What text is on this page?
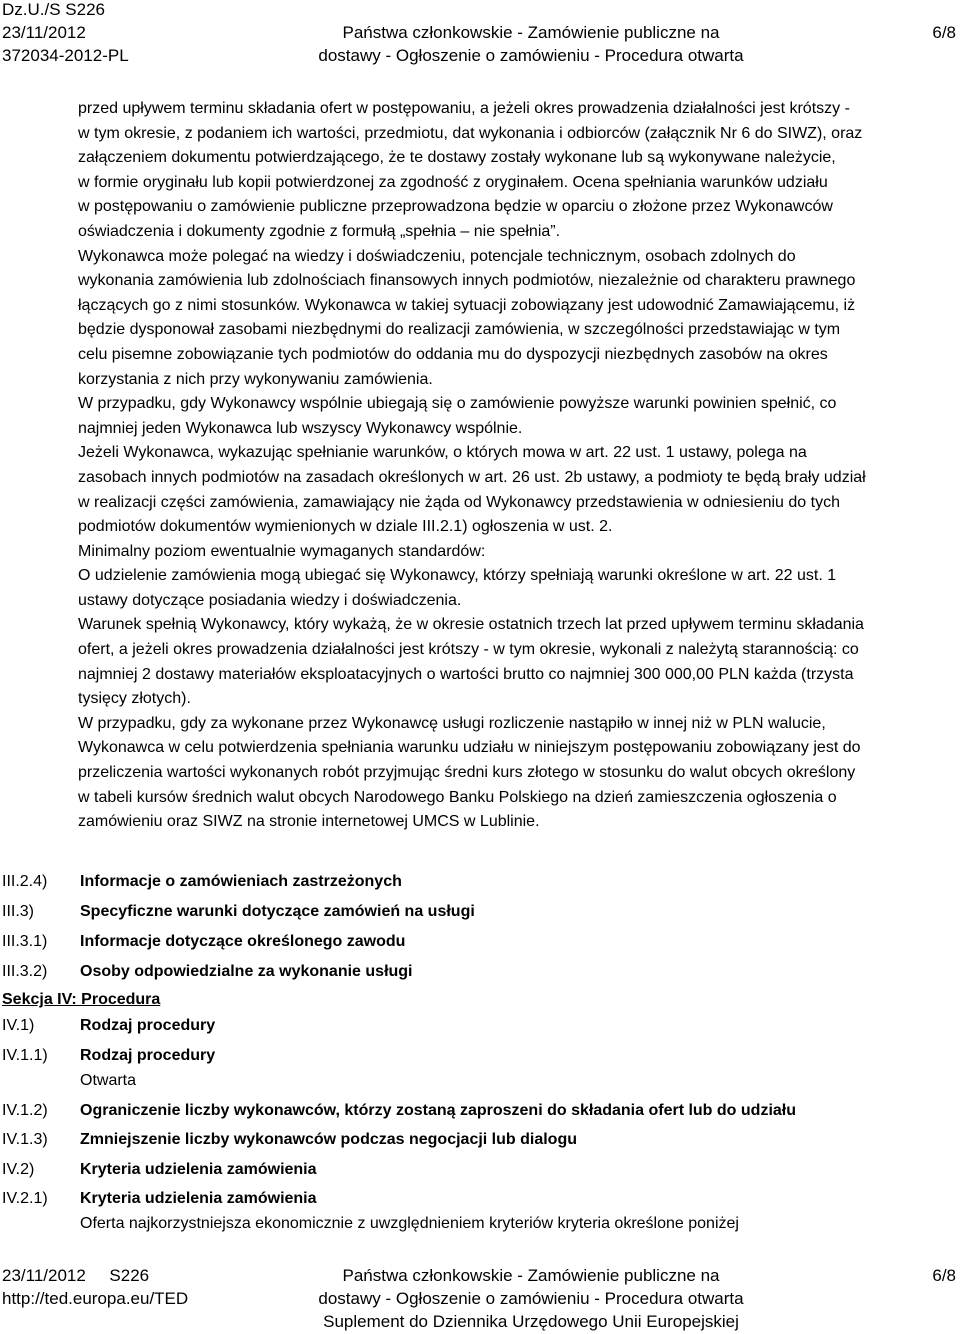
Dz.U./S S226
23/11/2012
372034-2012-PL
Państwa członkowskie - Zamówienie publiczne na
dostawy - Ogłoszenie o zamówieniu - Procedura otwarta
6/8
przed upływem terminu składania ofert w postępowaniu, a jeżeli okres prowadzenia działalności jest krótszy -
w tym okresie, z podaniem ich wartości, przedmiotu, dat wykonania i odbiorców (załącznik Nr 6 do SIWZ), oraz
załączeniem dokumentu potwierdzającego, że te dostawy zostały wykonane lub są wykonywane należycie,
w formie oryginału lub kopii potwierdzonej za zgodność z oryginałem. Ocena spełniania warunków udziału
w postępowaniu o zamówienie publiczne przeprowadzona będzie w oparciu o złożone przez Wykonawców
oświadczenia i dokumenty zgodnie z formułą „spełnia – nie spełnia”.
Wykonawca może polegać na wiedzy i doświadczeniu, potencjale technicznym, osobach zdolnych do
wykonania zamówienia lub zdolnościach finansowych innych podmiotów, niezależnie od charakteru prawnego
łączących go z nimi stosunków. Wykonawca w takiej sytuacji zobowiązany jest udowodnić Zamawiającemu, iż
będzie dysponował zasobami niezbędnymi do realizacji zamówienia, w szczególności przedstawiając w tym
celu pisemne zobowiązanie tych podmiotów do oddania mu do dyspozycji niezbędnych zasobów na okres
korzystania z nich przy wykonywaniu zamówienia.
W przypadku, gdy Wykonawcy wspólnie ubiegają się o zamówienie powyższe warunki powinien spełnić, co
najmniej jeden Wykonawca lub wszyscy Wykonawcy wspólnie.
Jeżeli Wykonawca, wykazując spełnianie warunków, o których mowa w art. 22 ust. 1 ustawy, polega na
zasobach innych podmiotów na zasadach określonych w art. 26 ust. 2b ustawy, a podmioty te będą brały udział
w realizacji części zamówienia, zamawiający nie żąda od Wykonawcy przedstawienia w odniesieniu do tych
podmiotów dokumentów wymienionych w dziale III.2.1) ogłoszenia w ust. 2.
Minimalny poziom ewentualnie wymaganych standardów:
O udzielenie zamówienia mogą ubiegać się Wykonawcy, którzy spełniają warunki określone w art. 22 ust. 1
ustawy dotyczące posiadania wiedzy i doświadczenia.
Warunek spełnią Wykonawcy, który wykażą, że w okresie ostatnich trzech lat przed upływem terminu składania
ofert, a jeżeli okres prowadzenia działalności jest krótszy - w tym okresie, wykonali z należytą starannością: co
najmniej 2 dostawy materiałów eksploatacyjnych o wartości brutto co najmniej 300 000,00 PLN każda (trzysta
tysięcy złotych).
W przypadku, gdy za wykonane przez Wykonawcę usługi rozliczenie nastąpiło w innej niż w PLN walucie,
Wykonawca w celu potwierdzenia spełniania warunku udziału w niniejszym postępowaniu zobowiązany jest do
przeliczenia wartości wykonanych robót przyjmując średni kurs złotego w stosunku do walut obcych określony
w tabeli kursów średnich walut obcych Narodowego Banku Polskiego na dzień zamieszczenia ogłoszenia o
zamówieniu oraz SIWZ na stronie internetowej UMCS w Lublinie.
III.2.4) Informacje o zamówieniach zastrzeżonych
III.3)	Specyficzne warunki dotyczące zamówień na usługi
III.3.1) Informacje dotyczące określonego zawodu
III.3.2) Osoby odpowiedzialne za wykonanie usługi
Sekcja IV: Procedura
IV.1)	Rodzaj procedury
IV.1.1) Rodzaj procedury
Otwarta
IV.1.2) Ograniczenie liczby wykonawców, którzy zostaną zaproszeni do składania ofert lub do udziału
IV.1.3) Zmniejszenie liczby wykonawców podczas negocjacji lub dialogu
IV.2)	Kryteria udzielenia zamówienia
IV.2.1) Kryteria udzielenia zamówienia
Oferta najkorzystniejsza ekonomicznie z uwzględnieniem kryteriów kryteria określone poniżej
23/11/2012     S226
http://ted.europa.eu/TED
Państwa członkowskie - Zamówienie publiczne na
dostawy - Ogłoszenie o zamówieniu - Procedura otwarta
Suplement do Dziennika Urzędowego Unii Europejskiej
6/8
